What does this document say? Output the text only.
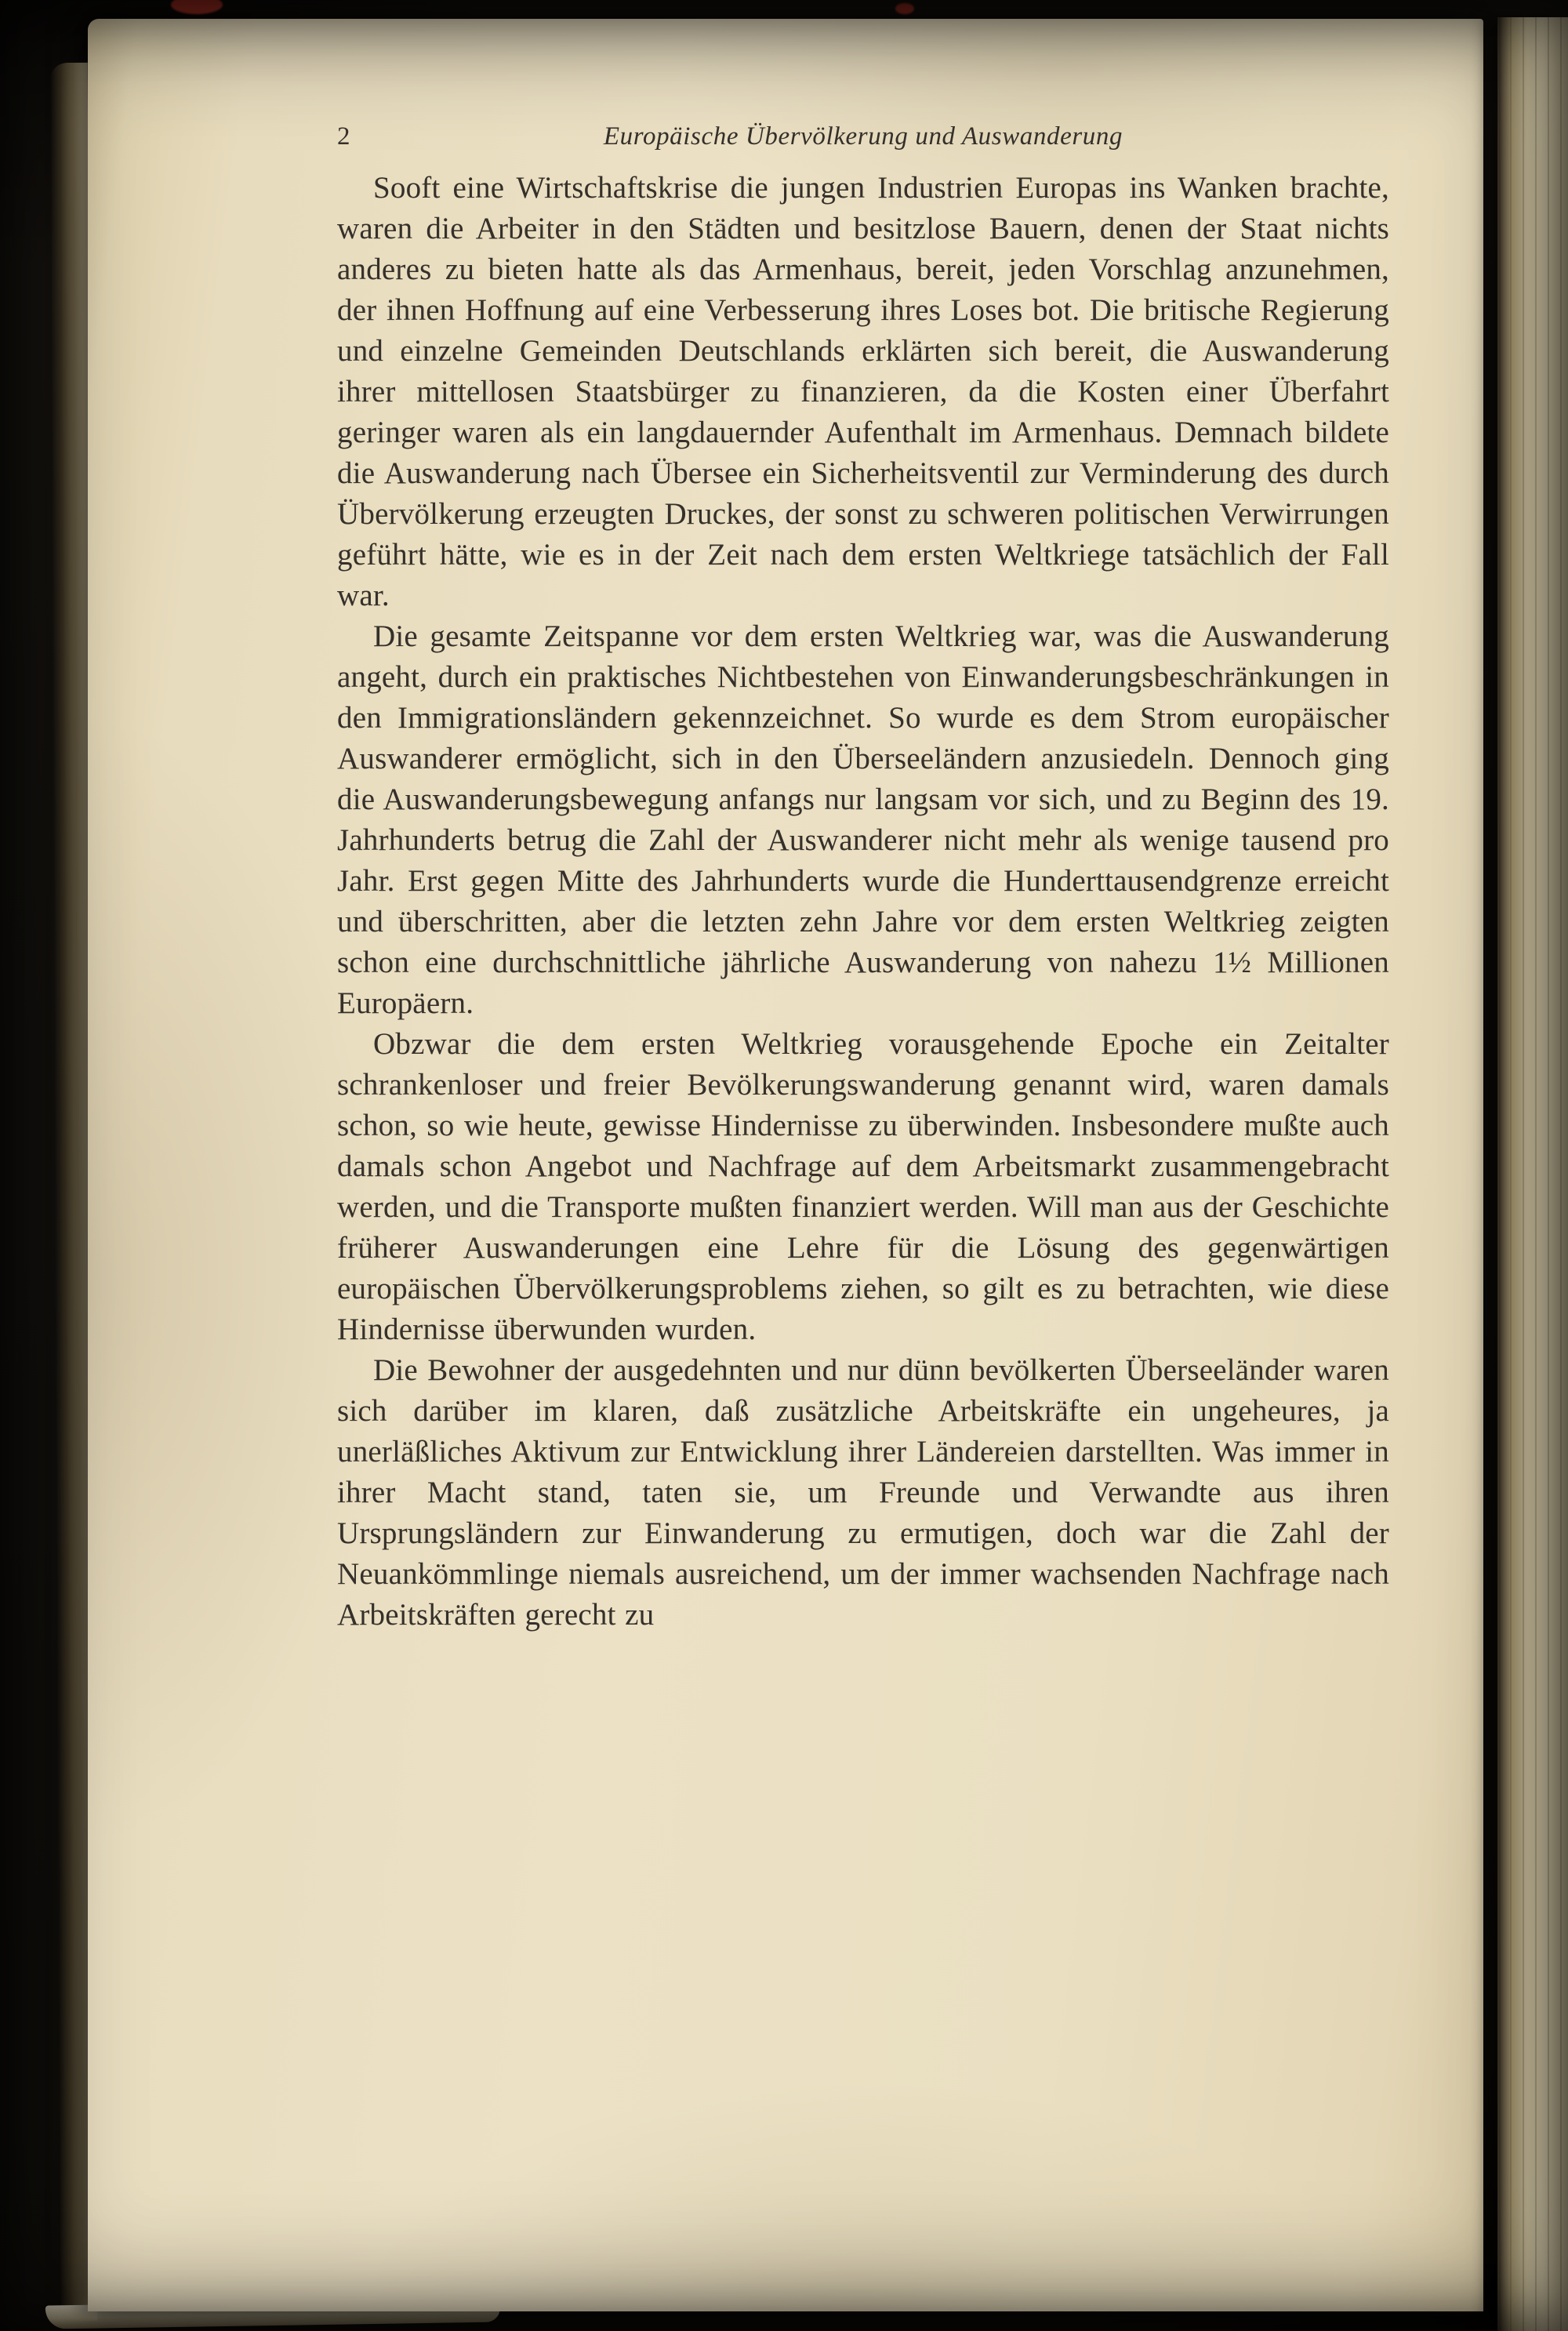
2	Europäische Übervölkerung und Auswanderung

Sooft eine Wirtschaftskrise die jungen Industrien Europas ins Wanken brachte, waren die Arbeiter in den Städten und besitzlose Bauern, denen der Staat nichts anderes zu bieten hatte als das Armenhaus, bereit, jeden Vorschlag anzunehmen, der ihnen Hoffnung auf eine Verbesserung ihres Loses bot. Die britische Regierung und einzelne Gemeinden Deutschlands erklärten sich bereit, die Auswanderung ihrer mittellosen Staatsbürger zu finanzieren, da die Kosten einer Überfahrt geringer waren als ein langdauernder Aufenthalt im Armenhaus. Demnach bildete die Auswanderung nach Übersee ein Sicherheitsventil zur Verminderung des durch Übervölkerung erzeugten Druckes, der sonst zu schweren politischen Verwirrungen geführt hätte, wie es in der Zeit nach dem ersten Weltkriege tatsächlich der Fall war.

Die gesamte Zeitspanne vor dem ersten Weltkrieg war, was die Auswanderung angeht, durch ein praktisches Nichtbestehen von Einwanderungsbeschränkungen in den Immigrationsländern gekennzeichnet. So wurde es dem Strom europäischer Auswanderer ermöglicht, sich in den Überseeländern anzusiedeln. Dennoch ging die Auswanderungsbewegung anfangs nur langsam vor sich, und zu Beginn des 19. Jahrhunderts betrug die Zahl der Auswanderer nicht mehr als wenige tausend pro Jahr. Erst gegen Mitte des Jahrhunderts wurde die Hunderttausendgrenze erreicht und überschritten, aber die letzten zehn Jahre vor dem ersten Weltkrieg zeigten schon eine durchschnittliche jährliche Auswanderung von nahezu 1½ Millionen Europäern.

Obzwar die dem ersten Weltkrieg vorausgehende Epoche ein Zeitalter schrankenloser und freier Bevölkerungswanderung genannt wird, waren damals schon, so wie heute, gewisse Hindernisse zu überwinden. Insbesondere mußte auch damals schon Angebot und Nachfrage auf dem Arbeitsmarkt zusammengebracht werden, und die Transporte mußten finanziert werden. Will man aus der Geschichte früherer Auswanderungen eine Lehre für die Lösung des gegenwärtigen europäischen Übervölkerungsproblems ziehen, so gilt es zu betrachten, wie diese Hindernisse überwunden wurden.

Die Bewohner der ausgedehnten und nur dünn bevölkerten Überseeländer waren sich darüber im klaren, daß zusätzliche Arbeitskräfte ein ungeheures, ja unerläßliches Aktivum zur Entwicklung ihrer Ländereien darstellten. Was immer in ihrer Macht stand, taten sie, um Freunde und Verwandte aus ihren Ursprungsländern zur Einwanderung zu ermutigen, doch war die Zahl der Neuankömmlinge niemals ausreichend, um der immer wachsenden Nachfrage nach Arbeitskräften gerecht zu
